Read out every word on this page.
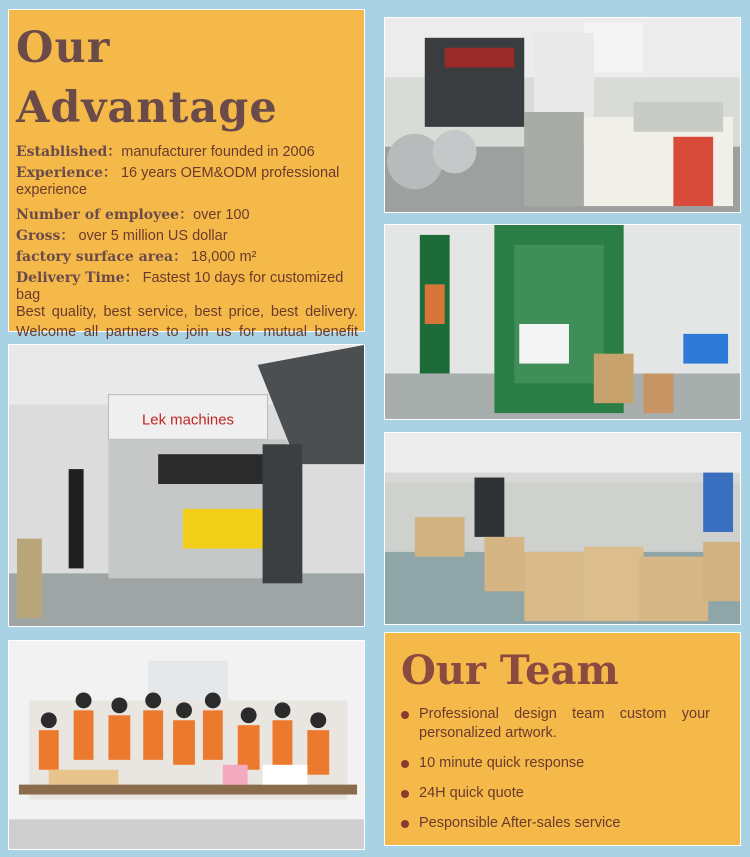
Our Advantage
Established：manufacturer founded in 2006
Experience： 16 years OEM&ODM professional experience
Number of employee：over 100
Gross： over 5 million US dollar
factory surface area： 18,000 m²
Delivery Time： Fastest 10 days for customized bag
Best quality, best service, best price, best delivery. Welcome all partners to join us for mutual benefit
Lek machines
Our Team
Professional design team custom your personalized artwork.
10 minute quick response
24H quick quote
Pesponsible After-sales service
